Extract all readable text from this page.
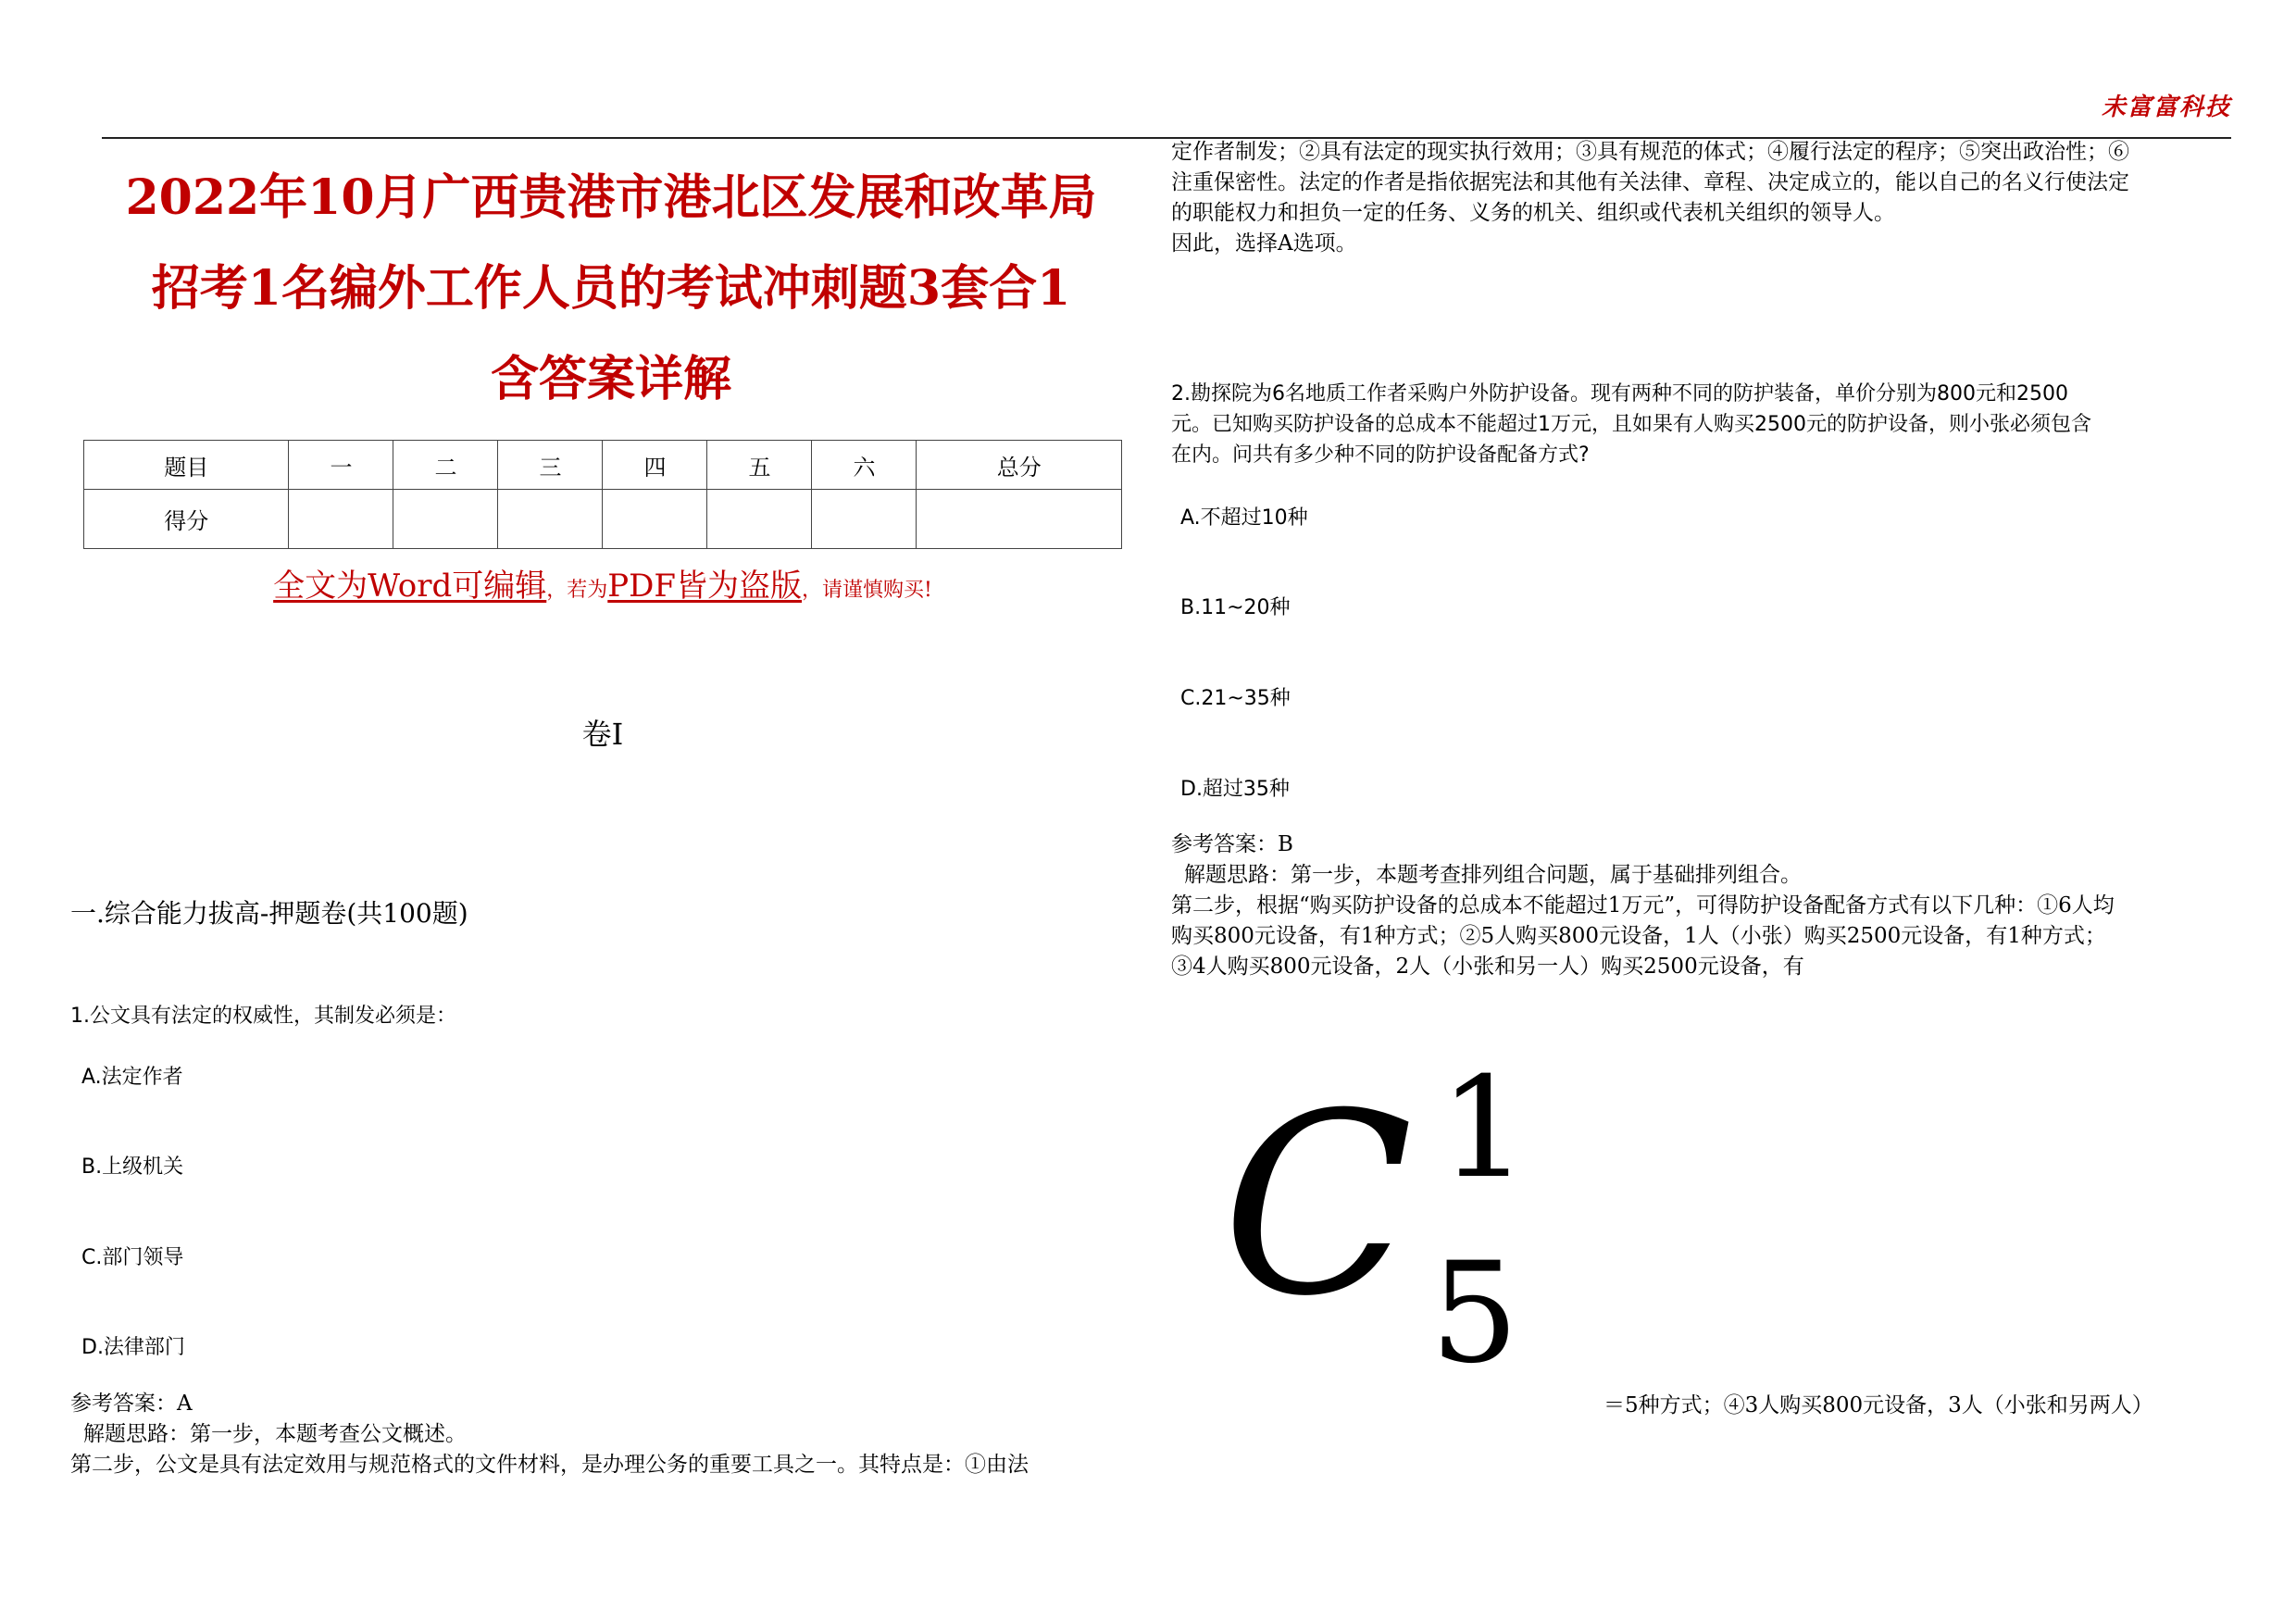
未富富科技
2022年10月广西贵港市港北区发展和改革局
招考1名编外工作人员的考试冲刺题3套合1
含答案详解
题目	一	二	三	四	五	六	总分
得分							
全文为Word可编辑，若为PDF皆为盗版，请谨慎购买!
卷I
一.综合能力拔高-押题卷(共100题)
1.公文具有法定的权威性，其制发必须是：
A.法定作者
B.上级机关
C.部门领导
D.法律部门
参考答案：A
解题思路：第一步，本题考查公文概述。
第二步，公文是具有法定效用与规范格式的文件材料，是办理公务的重要工具之一。其特点是：①由法
定作者制发；②具有法定的现实执行效用；③具有规范的体式；④履行法定的程序；⑤突出政治性；⑥
注重保密性。法定的作者是指依据宪法和其他有关法律、章程、决定成立的，能以自己的名义行使法定
的职能权力和担负一定的任务、义务的机关、组织或代表机关组织的领导人。
因此，选择A选项。
2.勘探院为6名地质工作者采购户外防护设备。现有两种不同的防护装备，单价分别为800元和2500
元。已知购买防护设备的总成本不能超过1万元，且如果有人购买2500元的防护设备，则小张必须包含
在内。问共有多少种不同的防护设备配备方式?
A.不超过10种
B.11~20种
C.21~35种
D.超过35种
参考答案：B
解题思路：第一步，本题考查排列组合问题，属于基础排列组合。
第二步，根据“购买防护设备的总成本不能超过1万元”，可得防护设备配备方式有以下几种：①6人均
购买800元设备，有1种方式；②5人购买800元设备，1人（小张）购买2500元设备，有1种方式；
③4人购买800元设备，2人（小张和另一人）购买2500元设备，有
C 1
5
＝5种方式；④3人购买800元设备，3人（小张和另两人）
